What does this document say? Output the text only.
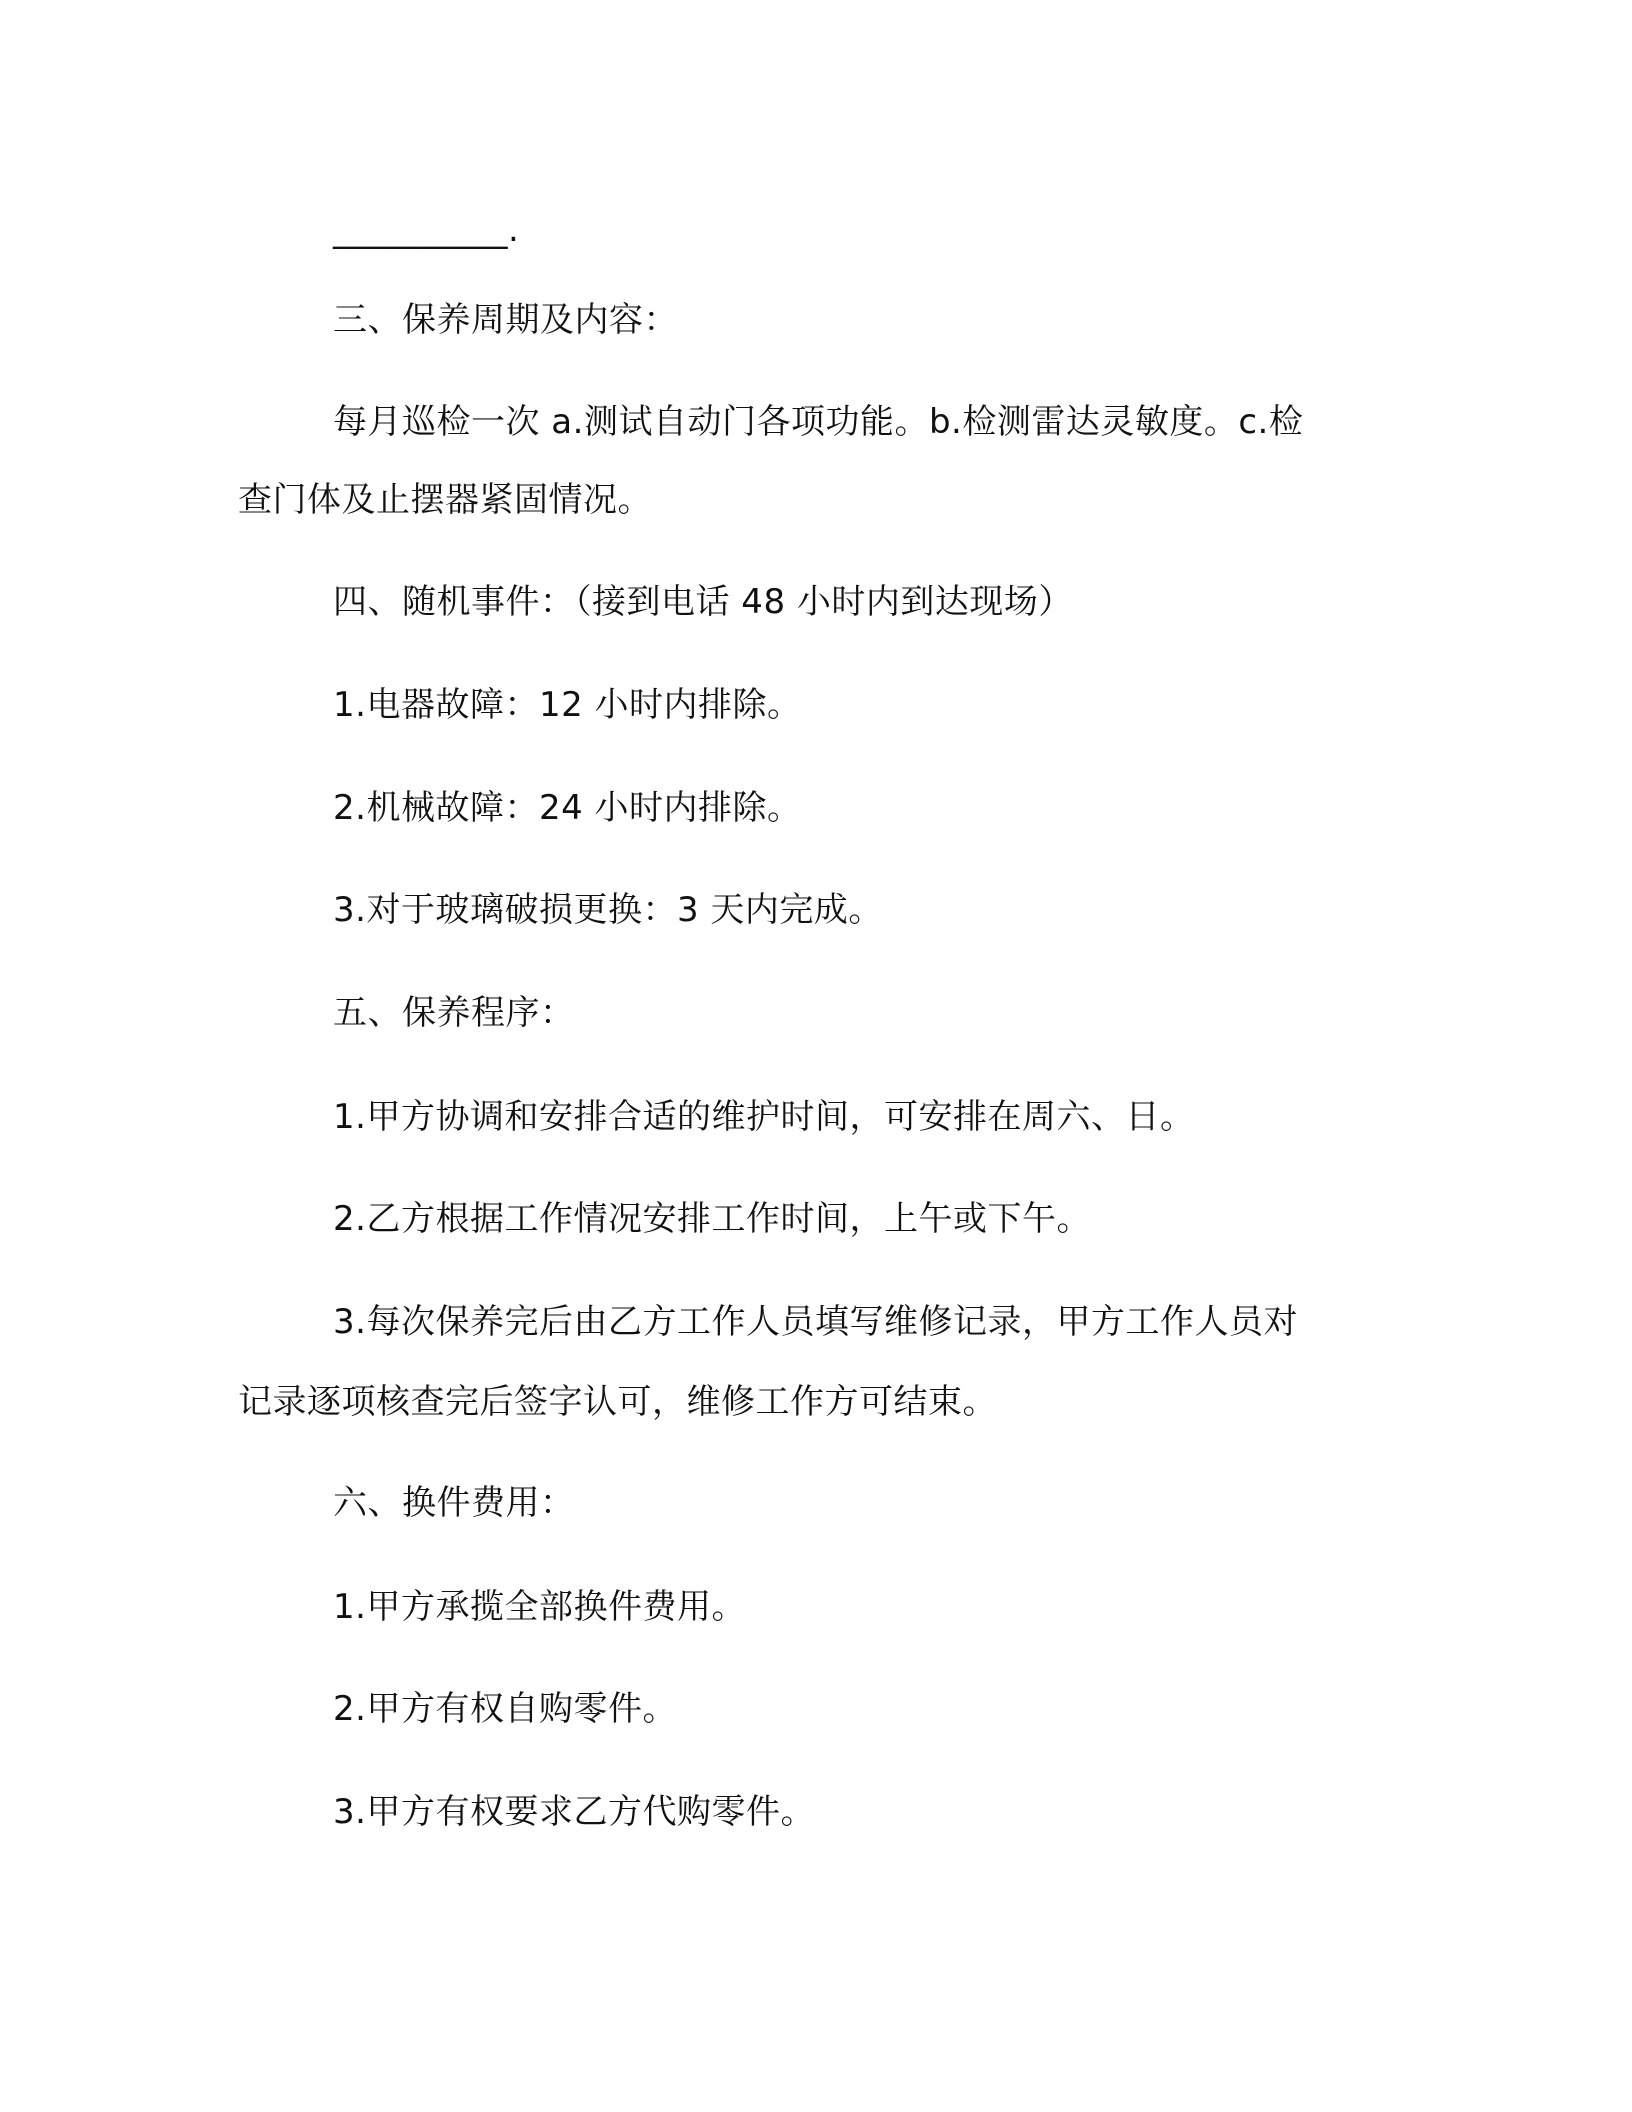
__________.

三、保养周期及内容：

每月巡检一次 a.测试自动门各项功能。b.检测雷达灵敏度。c.检

查门体及止摆器紧固情况。

四、随机事件：（接到电话 48 小时内到达现场）

1.电器故障：12 小时内排除。

2.机械故障：24 小时内排除。

3.对于玻璃破损更换：3 天内完成。

五、保养程序：

1.甲方协调和安排合适的维护时间，可安排在周六、日。

2.乙方根据工作情况安排工作时间，上午或下午。

3.每次保养完后由乙方工作人员填写维修记录，甲方工作人员对

记录逐项核查完后签字认可，维修工作方可结束。

六、换件费用：

1.甲方承揽全部换件费用。

2.甲方有权自购零件。

3.甲方有权要求乙方代购零件。
